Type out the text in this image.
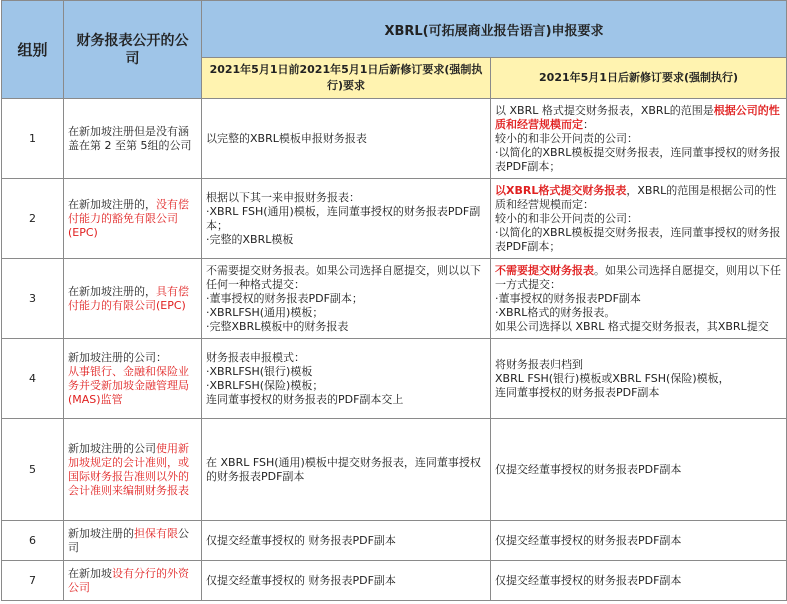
组别	财务报表公开的公司	XBRL(可拓展商业报告语言)申报要求	
		2021年5月1日前2021年5月1日后新修订要求(强制执行)要求	2021年5月1日后新修订要求(强制执行)
1	在新加坡注册但是没有涵盖在第 2 至第 5组的公司	以完整的XBRL模板申报财务报表	以 XBRL 格式提交财务报表，XBRL的范围是根据公司的性质和经营规模而定：
较小的和非公开问责的公司：
·以简化的XBRL模板提交财务报表，连同董事授权的财务报表PDF副本；

2	在新加坡注册的，没有偿付能力的豁免有限公司(EPC)	根据以下其一来申报财务报表：
·XBRL FSH(通用)模板，连同董事授权的财务报表PDF副本；
·完整的XBRL模板	以XBRL格式提交财务报表，XBRL的范围是根据公司的性质和经营规模而定：
较小的和非公开问责的公司：
·以简化的XBRL模板提交财务报表，连同董事授权的财务报表PDF副本；

3	在新加坡注册的，具有偿付能力的有限公司(EPC)	不需要提交财务报表。如果公司选择自愿提交，则以以下任何一种格式提交：
·董事授权的财务报表PDF副本；
·XBRLFSH(通用)模板；
·完整XBRL模板中的财务报表	不需要提交财务报表。如果公司选择自愿提交，则用以下任一方式提交：
·董事授权的财务报表PDF副本
·XBRL格式的财务报表。
如果公司选择以 XBRL 格式提交财务报表，其XBRL提交

4	新加坡注册的公司：
从事银行、金融和保险业务并受新加坡金融管理局(MAS)监管	财务报表申报模式：
·XBRLFSH(银行)模板
·XBRLFSH(保险)模板；
连同董事授权的财务报表的PDF副本交上	将财务报表归档到
XBRL FSH(银行)模板或XBRL FSH(保险)模板，
连同董事授权的财务报表PDF副本

5	新加坡注册的公司使用新加坡规定的会计准则，或国际财务报告准则以外的会计准则来编制财务报表	在 XBRL FSH(通用)模板中提交财务报表，连同董事授权的财务报表PDF副本	仅提交经董事授权的财务报表PDF副本

6	新加坡注册的担保有限公司	仅提交经董事授权的 财务报表PDF副本	仅提交经董事授权的财务报表PDF副本

7	在新加坡设有分行的外资公司	仅提交经董事授权的 财务报表PDF副本	仅提交经董事授权的财务报表PDF副本
